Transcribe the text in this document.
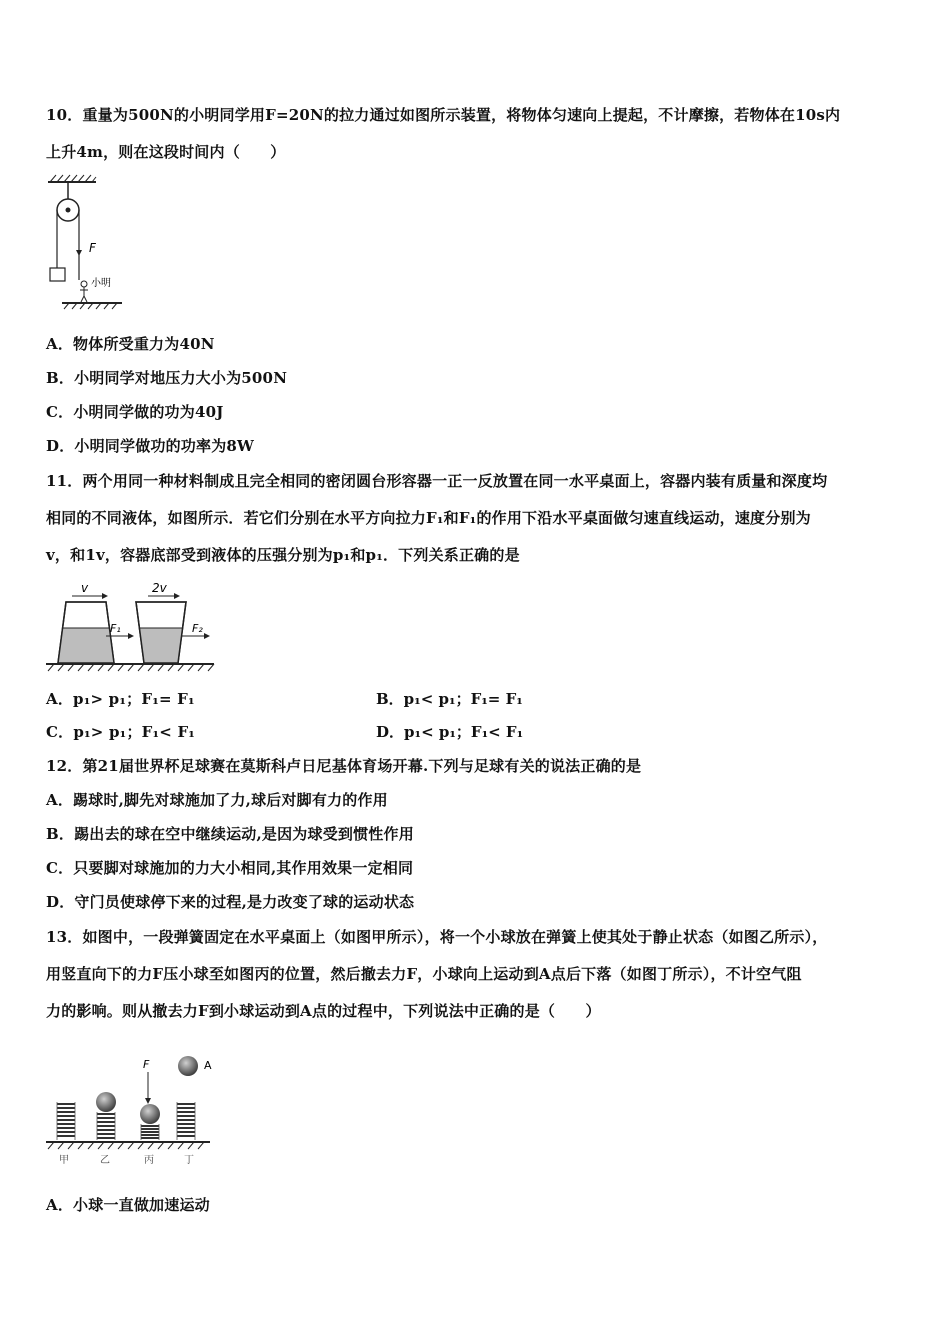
10．重量为500N的小明同学用F=20N的拉力通过如图所示装置，将物体匀速向上提起，不计摩擦，若物体在10s内
上升4m，则在这段时间内（　　）
F
小明
A．物体所受重力为40N
B．小明同学对地压力大小为500N
C．小明同学做的功为40J
D．小明同学做功的功率为8W
11．两个用同一种材料制成且完全相同的密闭圆台形容器一正一反放置在同一水平桌面上，容器内装有质量和深度均
相同的不同液体，如图所示．若它们分别在水平方向拉力F₁和F₁的作用下沿水平桌面做匀速直线运动，速度分别为
v，和1v，容器底部受到液体的压强分别为p₁和p₁．下列关系正确的是
v
F₁
2v
F₂
A．p₁> p₁；F₁= F₁	B．p₁< p₁；F₁= F₁
C．p₁> p₁；F₁< F₁	D．p₁< p₁；F₁< F₁
12．第21届世界杯足球赛在莫斯科卢日尼基体育场开幕.下列与足球有关的说法正确的是
A．踢球时,脚先对球施加了力,球后对脚有力的作用
B．踢出去的球在空中继续运动,是因为球受到惯性作用
C．只要脚对球施加的力大小相同,其作用效果一定相同
D．守门员使球停下来的过程,是力改变了球的运动状态
13．如图中，一段弹簧固定在水平桌面上（如图甲所示），将一个小球放在弹簧上使其处于静止状态（如图乙所示），
用竖直向下的力F压小球至如图丙的位置，然后撤去力F，小球向上运动到A点后下落（如图丁所示），不计空气阻
力的影响。则从撤去力F到小球运动到A点的过程中，下列说法中正确的是（　　）
F	A
甲	乙	丙	丁
A．小球一直做加速运动
